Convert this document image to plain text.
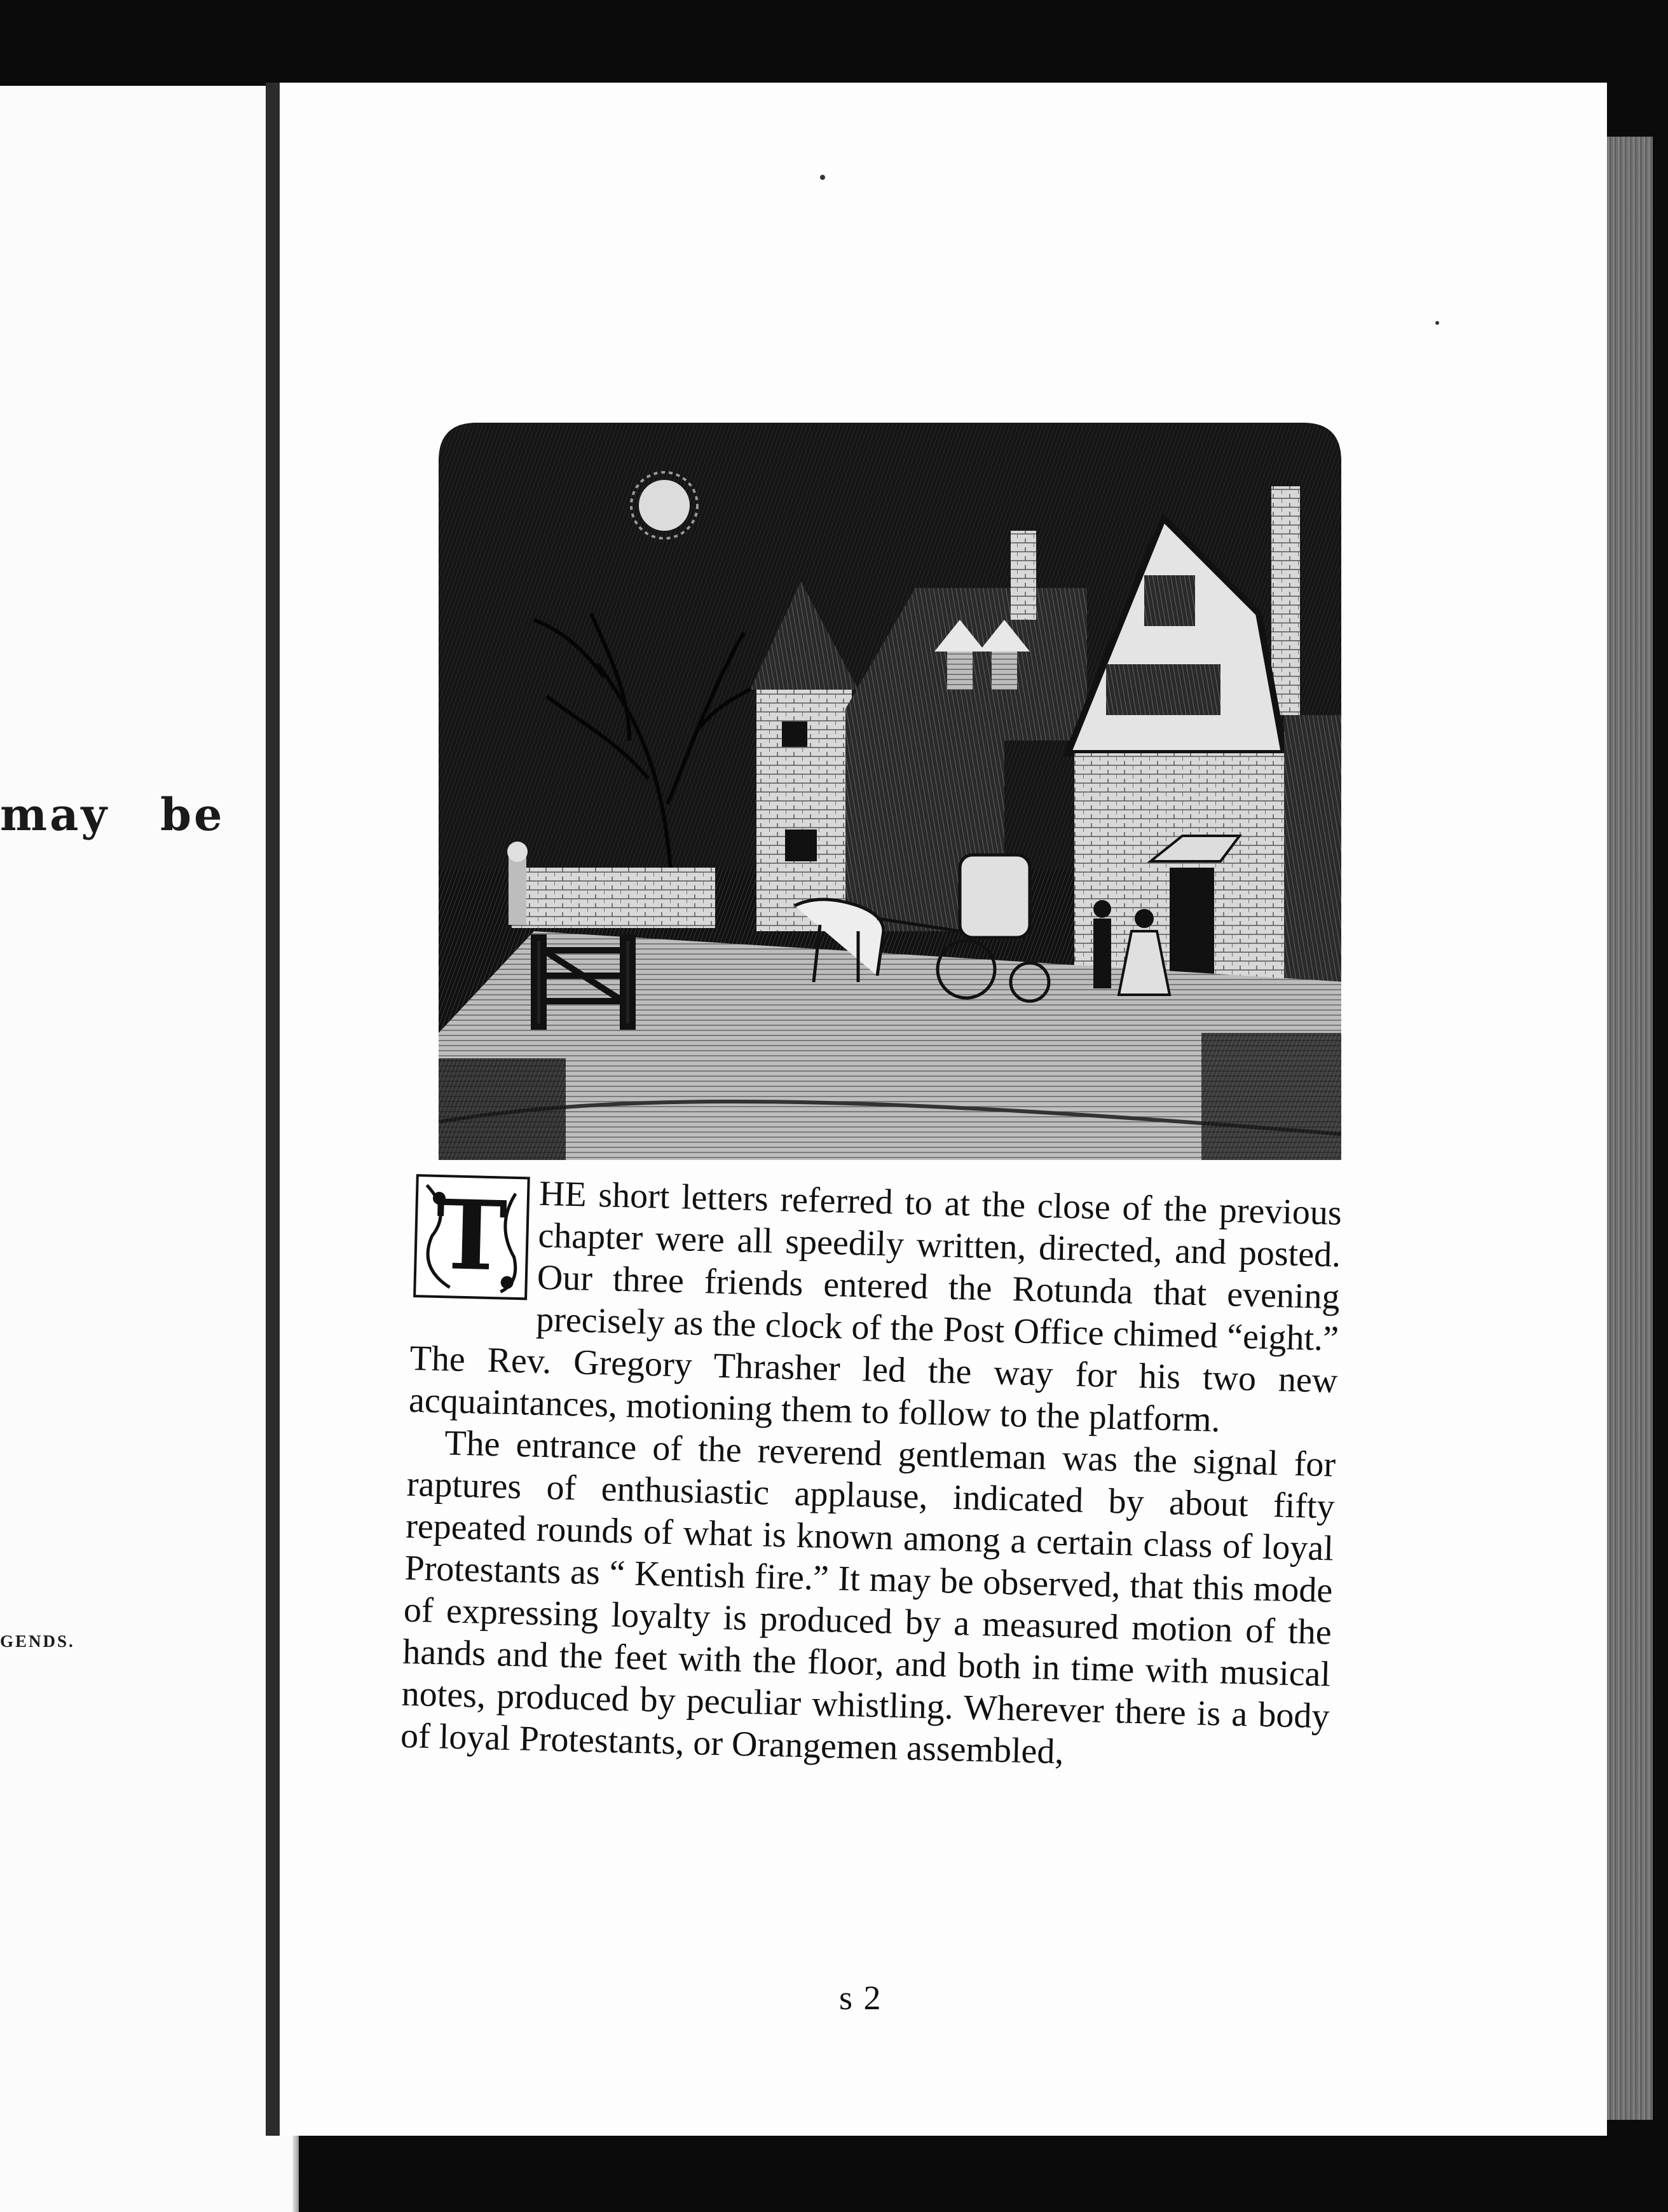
may be
GENDS.
T HE short letters referred to at the close of the previous chapter were all speedily written, directed, and posted. Our three friends entered the Rotunda that evening precisely as the clock of the Post Office chimed “eight.” The Rev. Gregory Thrasher led the way for his two new acquaintances, motioning them to follow to the platform.

The entrance of the reverend gentleman was the signal for raptures of enthusiastic applause, indicated by about fifty repeated rounds of what is known among a certain class of loyal Protestants as “ Kentish fire.” It may be observed, that this mode of expressing loyalty is produced by a measured motion of the hands and the feet with the floor, and both in time with musical notes, produced by peculiar whistling. Wherever there is a body of loyal Protestants, or Orangemen assembled,

s 2
